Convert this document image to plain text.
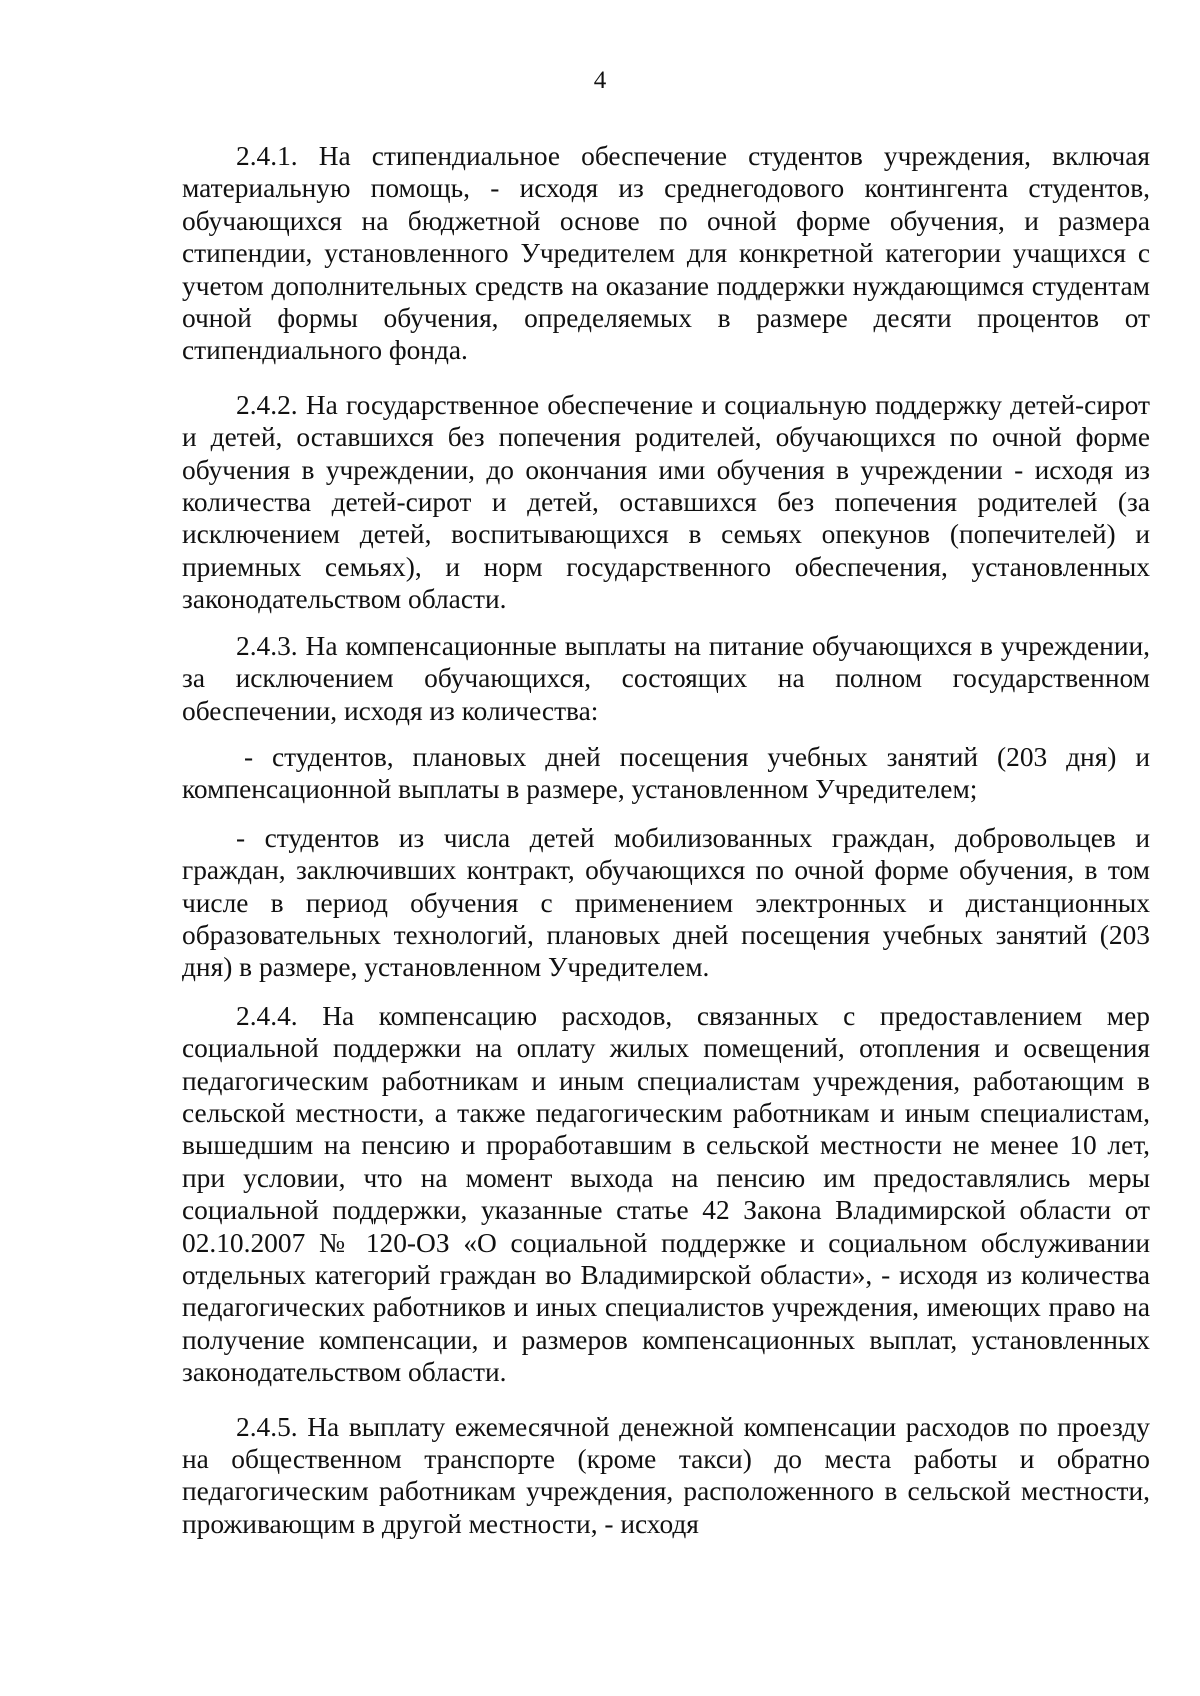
4

2.4.1. На стипендиальное обеспечение студентов учреждения, включая материальную помощь, - исходя из среднегодового контингента студентов, обучающихся на бюджетной основе по очной форме обучения, и размера стипендии, установленного Учредителем для конкретной категории учащихся с учетом дополнительных средств на оказание поддержки нуждающимся студентам очной формы обучения, определяемых в размере десяти процентов от стипендиального фонда.

2.4.2. На государственное обеспечение и социальную поддержку детей-сирот и детей, оставшихся без попечения родителей, обучающихся по очной форме обучения в учреждении, до окончания ими обучения в учреждении - исходя из количества детей-сирот и детей, оставшихся без попечения родителей (за исключением детей, воспитывающихся в семьях опекунов (попечителей) и приемных семьях), и норм государственного обеспечения, установленных законодательством области.

2.4.3. На компенсационные выплаты на питание обучающихся в учреждении, за исключением обучающихся, состоящих на полном государственном обеспечении, исходя из количества:

- студентов, плановых дней посещения учебных занятий (203 дня) и компенсационной выплаты в размере, установленном Учредителем;

- студентов из числа детей мобилизованных граждан, добровольцев и граждан, заключивших контракт, обучающихся по очной форме обучения, в том числе в период обучения с применением электронных и дистанционных образовательных технологий, плановых дней посещения учебных занятий (203 дня) в размере, установленном Учредителем.

2.4.4. На компенсацию расходов, связанных с предоставлением мер социальной поддержки на оплату жилых помещений, отопления и освещения педагогическим работникам и иным специалистам учреждения, работающим в сельской местности, а также педагогическим работникам и иным специалистам, вышедшим на пенсию и проработавшим в сельской местности не менее 10 лет, при условии, что на момент выхода на пенсию им предоставлялись меры социальной поддержки, указанные статье 42 Закона Владимирской области от 02.10.2007 № 120-ОЗ «О социальной поддержке и социальном обслуживании отдельных категорий граждан во Владимирской области», - исходя из количества педагогических работников и иных специалистов учреждения, имеющих право на получение компенсации, и размеров компенсационных выплат, установленных законодательством области.

2.4.5. На выплату ежемесячной денежной компенсации расходов по проезду на общественном транспорте (кроме такси) до места работы и обратно педагогическим работникам учреждения, расположенного в сельской местности, проживающим в другой местности, - исходя
